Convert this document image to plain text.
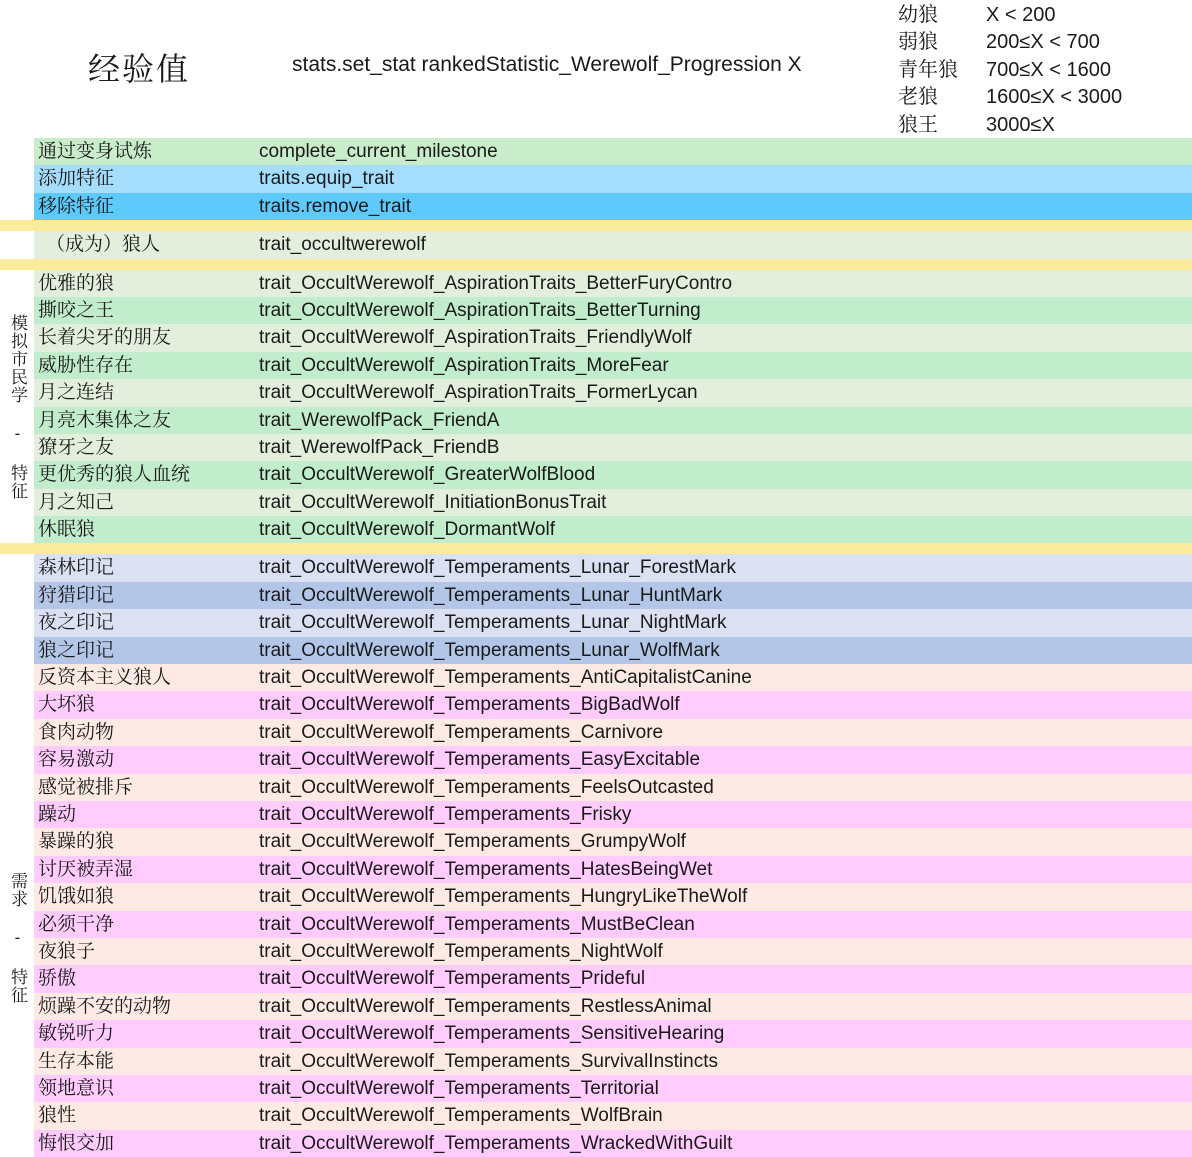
经验值	stats.set_stat rankedStatistic_Werewolf_Progression X
幼狼	X < 200
弱狼	200≤X < 700
青年狼 700≤X < 1600
老狼	1600≤X < 3000
狼王	3000≤X
通过变身试炼	complete_current_milestone
添加特征	traits.equip_trait
移除特征	traits.remove_trait
（成为）狼人	trait_occultwerewolf
优雅的狼	trait_OccultWerewolf_AspirationTraits_BetterFuryContro
撕咬之王	trait_OccultWerewolf_AspirationTraits_BetterTurning
长着尖牙的朋友	trait_OccultWerewolf_AspirationTraits_FriendlyWolf
威胁性存在	trait_OccultWerewolf_AspirationTraits_MoreFear
月之连结	trait_OccultWerewolf_AspirationTraits_FormerLycan
月亮木集体之友	trait_WerewolfPack_FriendA
獠牙之友	trait_WerewolfPack_FriendB
更优秀的狼人血统	trait_OccultWerewolf_GreaterWolfBlood
月之知己	trait_OccultWerewolf_InitiationBonusTrait
休眠狼	trait_OccultWerewolf_DormantWolf
模拟市民学 - 特征
森林印记	trait_OccultWerewolf_Temperaments_Lunar_ForestMark
狩猎印记	trait_OccultWerewolf_Temperaments_Lunar_HuntMark
夜之印记	trait_OccultWerewolf_Temperaments_Lunar_NightMark
狼之印记	trait_OccultWerewolf_Temperaments_Lunar_WolfMark
反资本主义狼人	trait_OccultWerewolf_Temperaments_AntiCapitalistCanine
大坏狼	trait_OccultWerewolf_Temperaments_BigBadWolf
食肉动物	trait_OccultWerewolf_Temperaments_Carnivore
容易激动	trait_OccultWerewolf_Temperaments_EasyExcitable
感觉被排斥	trait_OccultWerewolf_Temperaments_FeelsOutcasted
躁动	trait_OccultWerewolf_Temperaments_Frisky
暴躁的狼	trait_OccultWerewolf_Temperaments_GrumpyWolf
讨厌被弄湿	trait_OccultWerewolf_Temperaments_HatesBeingWet
饥饿如狼	trait_OccultWerewolf_Temperaments_HungryLikeTheWolf
必须干净	trait_OccultWerewolf_Temperaments_MustBeClean
夜狼子	trait_OccultWerewolf_Temperaments_NightWolf
骄傲	trait_OccultWerewolf_Temperaments_Prideful
烦躁不安的动物	trait_OccultWerewolf_Temperaments_RestlessAnimal
敏锐听力	trait_OccultWerewolf_Temperaments_SensitiveHearing
生存本能	trait_OccultWerewolf_Temperaments_SurvivalInstincts
领地意识	trait_OccultWerewolf_Temperaments_Territorial
狼性	trait_OccultWerewolf_Temperaments_WolfBrain
悔恨交加	trait_OccultWerewolf_Temperaments_WrackedWithGuilt
需求 - 特征
